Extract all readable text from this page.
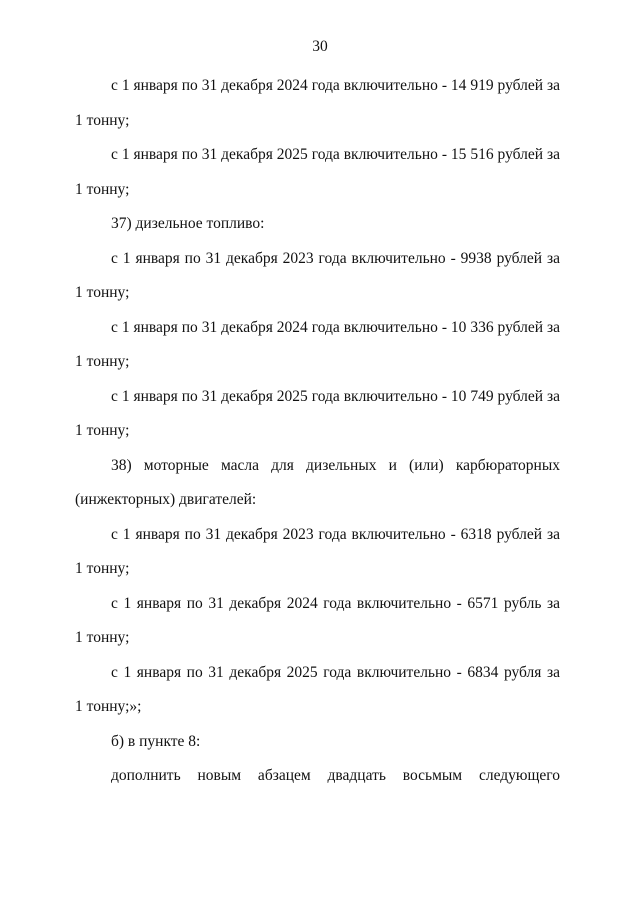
30
с 1 января по 31 декабря 2024 года включительно - 14 919 рублей за
1 тонну;
с 1 января по 31 декабря 2025 года включительно - 15 516 рублей за
1 тонну;
37) дизельное топливо:
с 1 января по 31 декабря 2023 года включительно - 9938 рублей за
1 тонну;
с 1 января по 31 декабря 2024 года включительно - 10 336 рублей за
1 тонну;
с 1 января по 31 декабря 2025 года включительно - 10 749 рублей за
1 тонну;
38) моторные масла для дизельных и (или) карбюраторных
(инжекторных) двигателей:
с 1 января по 31 декабря 2023 года включительно - 6318 рублей за
1 тонну;
с 1 января по 31 декабря 2024 года включительно - 6571 рубль за
1 тонну;
с 1 января по 31 декабря 2025 года включительно - 6834 рубля за
1 тонну;»;
б) в пункте 8:
дополнить новым абзацем двадцать восьмым следующего
